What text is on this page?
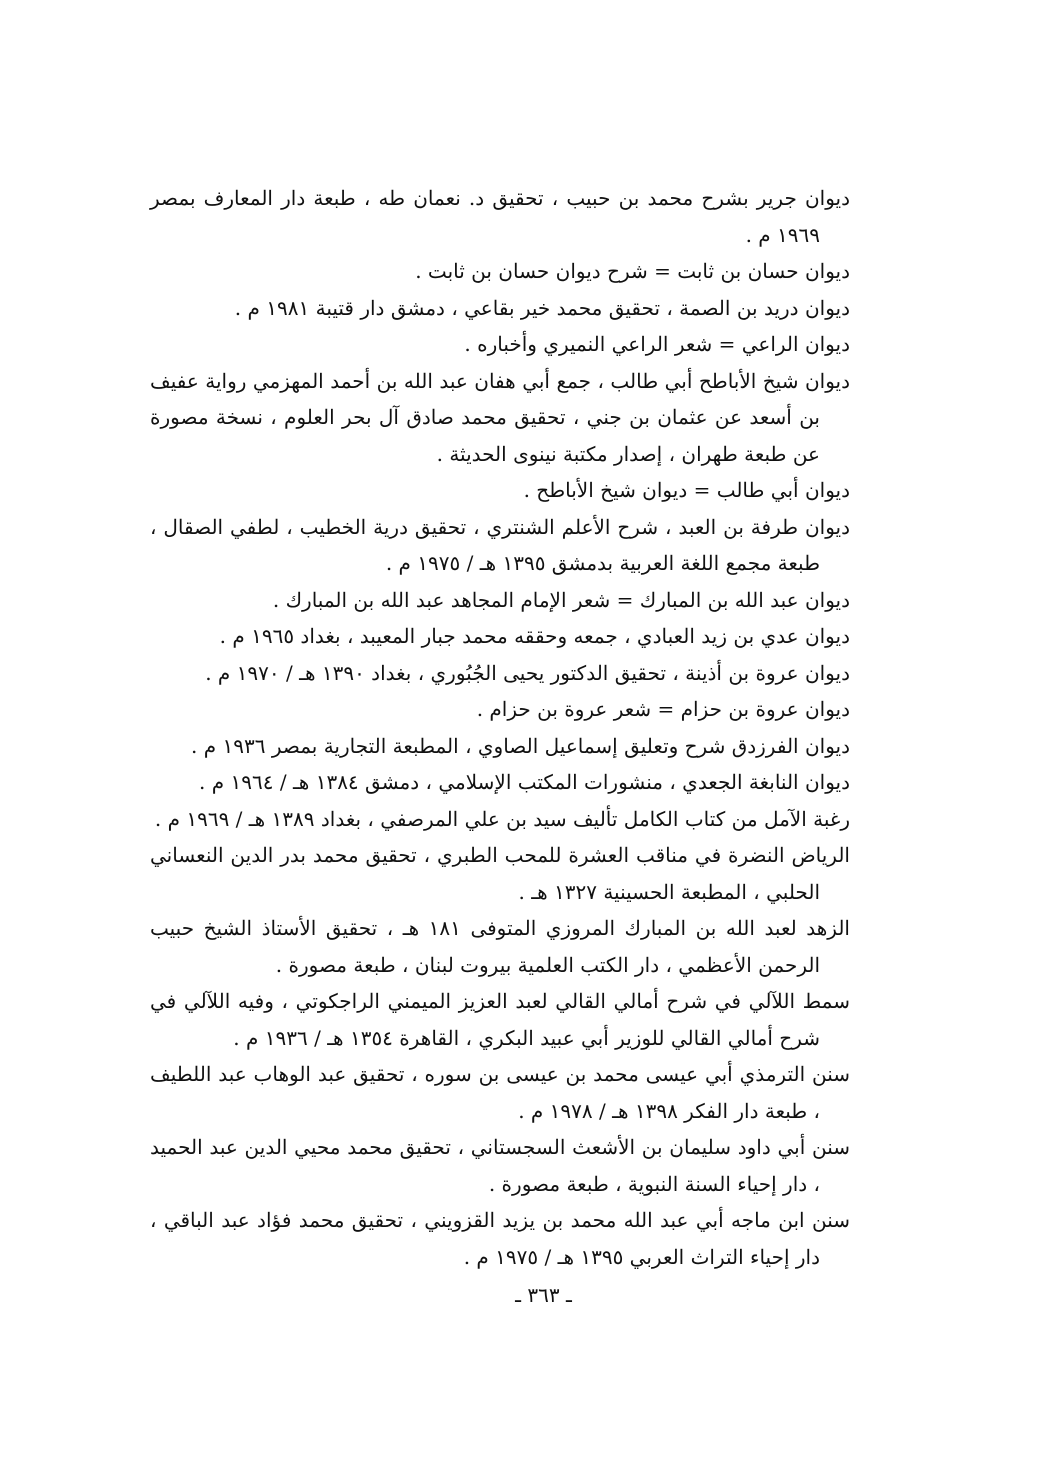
ديوان جرير بشرح محمد بن حبيب ، تحقيق د. نعمان طه ، طبعة دار المعارف بمصر ١٩٦٩ م .

ديوان حسان بن ثابت = شرح ديوان حسان بن ثابت .

ديوان دريد بن الصمة ، تحقيق محمد خير بقاعي ، دمشق دار قتيبة ١٩٨١ م .

ديوان الراعي = شعر الراعي النميري وأخباره .

ديوان شيخ الأباطح أبي طالب ، جمع أبي هفان عبد الله بن أحمد المهزمي رواية عفيف بن أسعد عن عثمان بن جني ، تحقيق محمد صادق آل بحر العلوم ، نسخة مصورة عن طبعة طهران ، إصدار مكتبة نينوى الحديثة .

ديوان أبي طالب = ديوان شيخ الأباطح .

ديوان طرفة بن العبد ، شرح الأعلم الشنتري ، تحقيق درية الخطيب ، لطفي الصقال ، طبعة مجمع اللغة العربية بدمشق ١٣٩٥ هـ / ١٩٧٥ م .

ديوان عبد الله بن المبارك = شعر الإمام المجاهد عبد الله بن المبارك .

ديوان عدي بن زيد العبادي ، جمعه وحققه محمد جبار المعيبد ، بغداد ١٩٦٥ م .

ديوان عروة بن أذينة ، تحقيق الدكتور يحيى الجُبُوري ، بغداد ١٣٩٠ هـ / ١٩٧٠ م .

ديوان عروة بن حزام = شعر عروة بن حزام .

ديوان الفرزدق شرح وتعليق إسماعيل الصاوي ، المطبعة التجارية بمصر ١٩٣٦ م .

ديوان النابغة الجعدي ، منشورات المكتب الإسلامي ، دمشق ١٣٨٤ هـ / ١٩٦٤ م .

رغبة الآمل من كتاب الكامل تأليف سيد بن علي المرصفي ، بغداد ١٣٨٩ هـ / ١٩٦٩ م .

الرياض النضرة في مناقب العشرة للمحب الطبري ، تحقيق محمد بدر الدين النعساني الحلبي ، المطبعة الحسينية ١٣٢٧ هـ .

الزهد لعبد الله بن المبارك المروزي المتوفى ١٨١ هـ ، تحقيق الأستاذ الشيخ حبيب الرحمن الأعظمي ، دار الكتب العلمية بيروت لبنان ، طبعة مصورة .

سمط اللآلي في شرح أمالي القالي لعبد العزيز الميمني الراجكوتي ، وفيه اللآلي في شرح أمالي القالي للوزير أبي عبيد البكري ، القاهرة ١٣٥٤ هـ / ١٩٣٦ م .

سنن الترمذي أبي عيسى محمد بن عيسى بن سوره ، تحقيق عبد الوهاب عبد اللطيف ، طبعة دار الفكر ١٣٩٨ هـ / ١٩٧٨ م .

سنن أبي داود سليمان بن الأشعث السجستاني ، تحقيق محمد محيي الدين عبد الحميد ، دار إحياء السنة النبوية ، طبعة مصورة .

سنن ابن ماجه أبي عبد الله محمد بن يزيد القزويني ، تحقيق محمد فؤاد عبد الباقي ، دار إحياء التراث العربي ١٣٩٥ هـ / ١٩٧٥ م .

ـ ٣٦٣ ـ
